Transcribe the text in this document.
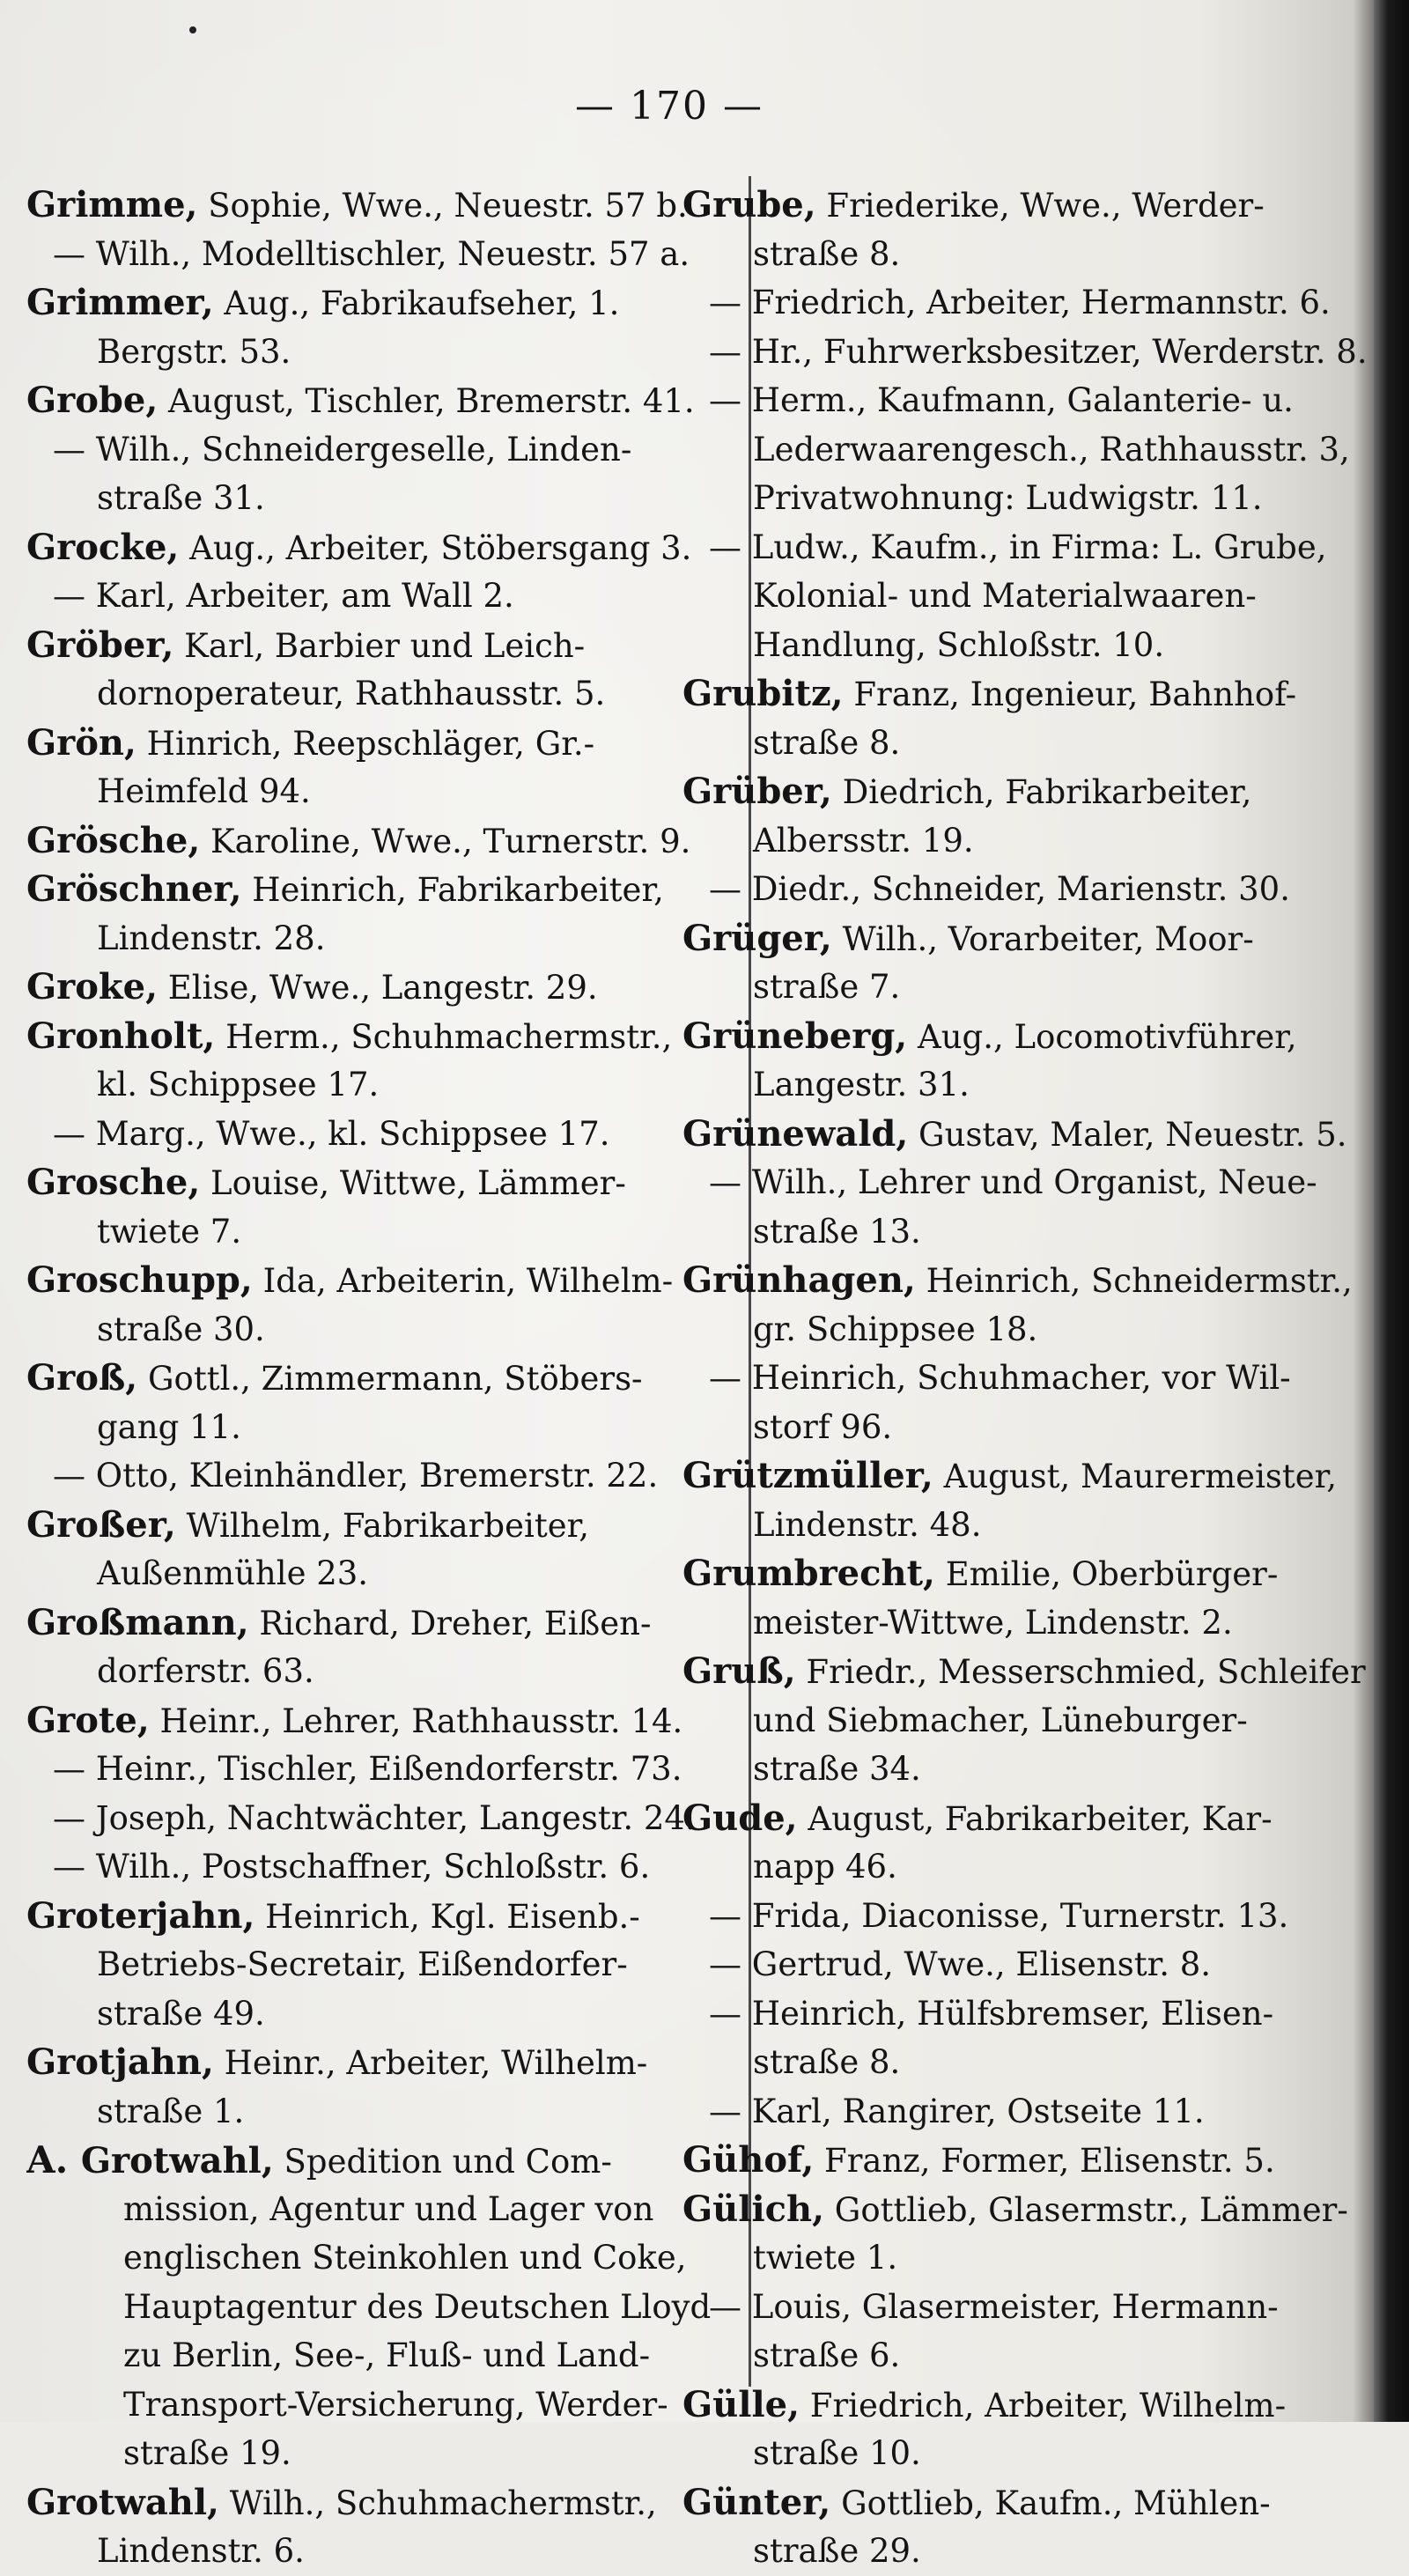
— 170 —
Grimme, Sophie, Wwe., Neuestr. 57 b.
— Wilh., Modelltischler, Neuestr. 57 a.
Grimmer, Aug., Fabrikaufseher, 1.
Bergstr. 53.
Grobe, August, Tischler, Bremerstr. 41.
— Wilh., Schneidergeselle, Linden-
straße 31.
Grocke, Aug., Arbeiter, Stöbersgang 3.
— Karl, Arbeiter, am Wall 2.
Gröber, Karl, Barbier und Leich-
dornoperateur, Rathhausstr. 5.
Grön, Hinrich, Reepschläger, Gr.-
Heimfeld 94.
Grösche, Karoline, Wwe., Turnerstr. 9.
Gröschner, Heinrich, Fabrikarbeiter,
Lindenstr. 28.
Groke, Elise, Wwe., Langestr. 29.
Gronholt, Herm., Schuhmachermstr.,
kl. Schippsee 17.
— Marg., Wwe., kl. Schippsee 17.
Grosche, Louise, Wittwe, Lämmer-
twiete 7.
Groschupp, Ida, Arbeiterin, Wilhelm-
straße 30.
Groß, Gottl., Zimmermann, Stöbers-
gang 11.
— Otto, Kleinhändler, Bremerstr. 22.
Großer, Wilhelm, Fabrikarbeiter,
Außenmühle 23.
Großmann, Richard, Dreher, Eißen-
dorferstr. 63.
Grote, Heinr., Lehrer, Rathhausstr. 14.
— Heinr., Tischler, Eißendorferstr. 73.
— Joseph, Nachtwächter, Langestr. 24.
— Wilh., Postschaffner, Schloßstr. 6.
Groterjahn, Heinrich, Kgl. Eisenb.-
Betriebs-Secretair, Eißendorfer-
straße 49.
Grotjahn, Heinr., Arbeiter, Wilhelm-
straße 1.
A. Grotwahl, Spedition und Com-
mission, Agentur und Lager von
englischen Steinkohlen und Coke,
Hauptagentur des Deutschen Lloyd
zu Berlin, See-, Fluß- und Land-
Transport-Versicherung, Werder-
straße 19.
Grotwahl, Wilh., Schuhmachermstr.,
Lindenstr. 6.
Grube, Friederike, Wwe., Werder-
straße 8.
— Friedrich, Arbeiter, Hermannstr. 6.
— Hr., Fuhrwerksbesitzer, Werderstr. 8.
— Herm., Kaufmann, Galanterie- u.
Lederwaarengesch., Rathhausstr. 3,
Privatwohnung: Ludwigstr. 11.
— Ludw., Kaufm., in Firma: L. Grube,
Kolonial- und Materialwaaren-
Handlung, Schloßstr. 10.
Grubitz, Franz, Ingenieur, Bahnhof-
straße 8.
Grüber, Diedrich, Fabrikarbeiter,
Albersstr. 19.
— Diedr., Schneider, Marienstr. 30.
Grüger, Wilh., Vorarbeiter, Moor-
straße 7.
Grüneberg, Aug., Locomotivführer,
Langestr. 31.
Grünewald, Gustav, Maler, Neuestr. 5.
— Wilh., Lehrer und Organist, Neue-
straße 13.
Grünhagen, Heinrich, Schneidermstr.,
gr. Schippsee 18.
— Heinrich, Schuhmacher, vor Wil-
storf 96.
Grützmüller, August, Maurermeister,
Lindenstr. 48.
Grumbrecht, Emilie, Oberbürger-
meister-Wittwe, Lindenstr. 2.
Gruß, Friedr., Messerschmied, Schleifer
und Siebmacher, Lüneburger-
straße 34.
Gude, August, Fabrikarbeiter, Kar-
napp 46.
— Frida, Diaconisse, Turnerstr. 13.
— Gertrud, Wwe., Elisenstr. 8.
— Heinrich, Hülfsbremser, Elisen-
straße 8.
— Karl, Rangirer, Ostseite 11.
Gühof, Franz, Former, Elisenstr. 5.
Gülich, Gottlieb, Glasermstr., Lämmer-
twiete 1.
— Louis, Glasermeister, Hermann-
straße 6.
Gülle, Friedrich, Arbeiter, Wilhelm-
straße 10.
Günter, Gottlieb, Kaufm., Mühlen-
straße 29.
